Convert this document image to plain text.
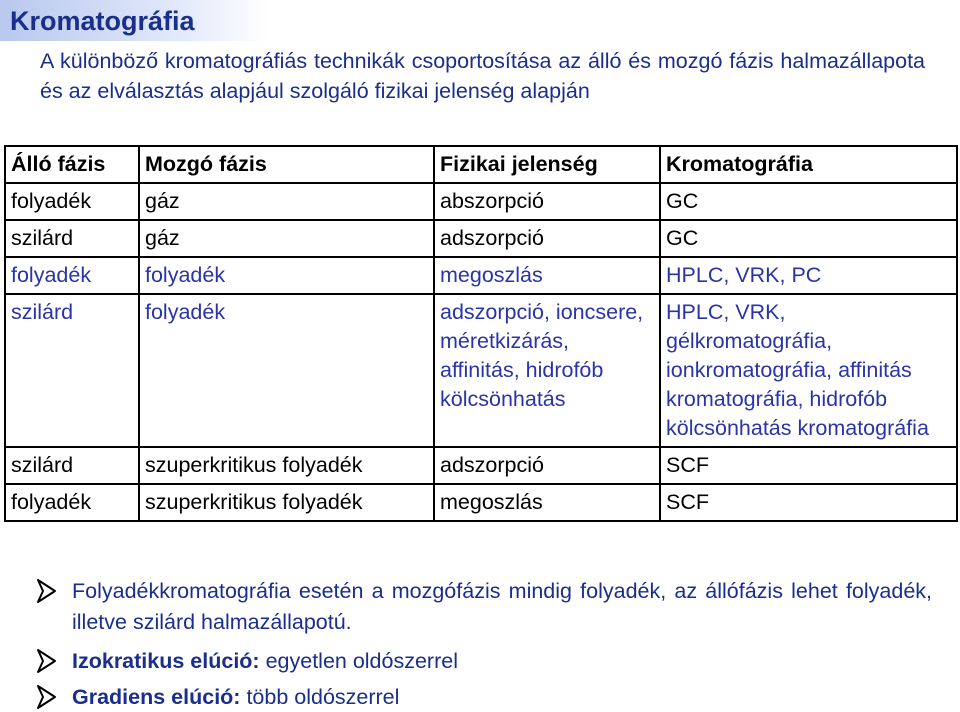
Kromatográfia
A különböző kromatográfiás technikák csoportosítása az álló és mozgó fázis halmazállapota és az elválasztás alapjául szolgáló fizikai jelenség alapján
Álló fázis	Mozgó fázis	Fizikai jelenség	Kromatográfia
folyadék	gáz	abszorpció	GC
szilárd	gáz	adszorpció	GC
folyadék	folyadék	megoszlás	HPLC, VRK, PC
szilárd	folyadék	adszorpció, ioncsere, méretkizárás, affinitás, hidrofób kölcsönhatás	HPLC, VRK, gélkromatográfia, ionkromatográfia, affinitás kromatográfia, hidrofób kölcsönhatás kromatográfia
szilárd	szuperkritikus folyadék	adszorpció	SCF
folyadék	szuperkritikus folyadék	megoszlás	SCF
Folyadékkromatográfia esetén a mozgófázis mindig folyadék, az állófázis lehet folyadék, illetve szilárd halmazállapotú.
Izokratikus elúció: egyetlen oldószerrel
Gradiens elúció: több oldószerrel
